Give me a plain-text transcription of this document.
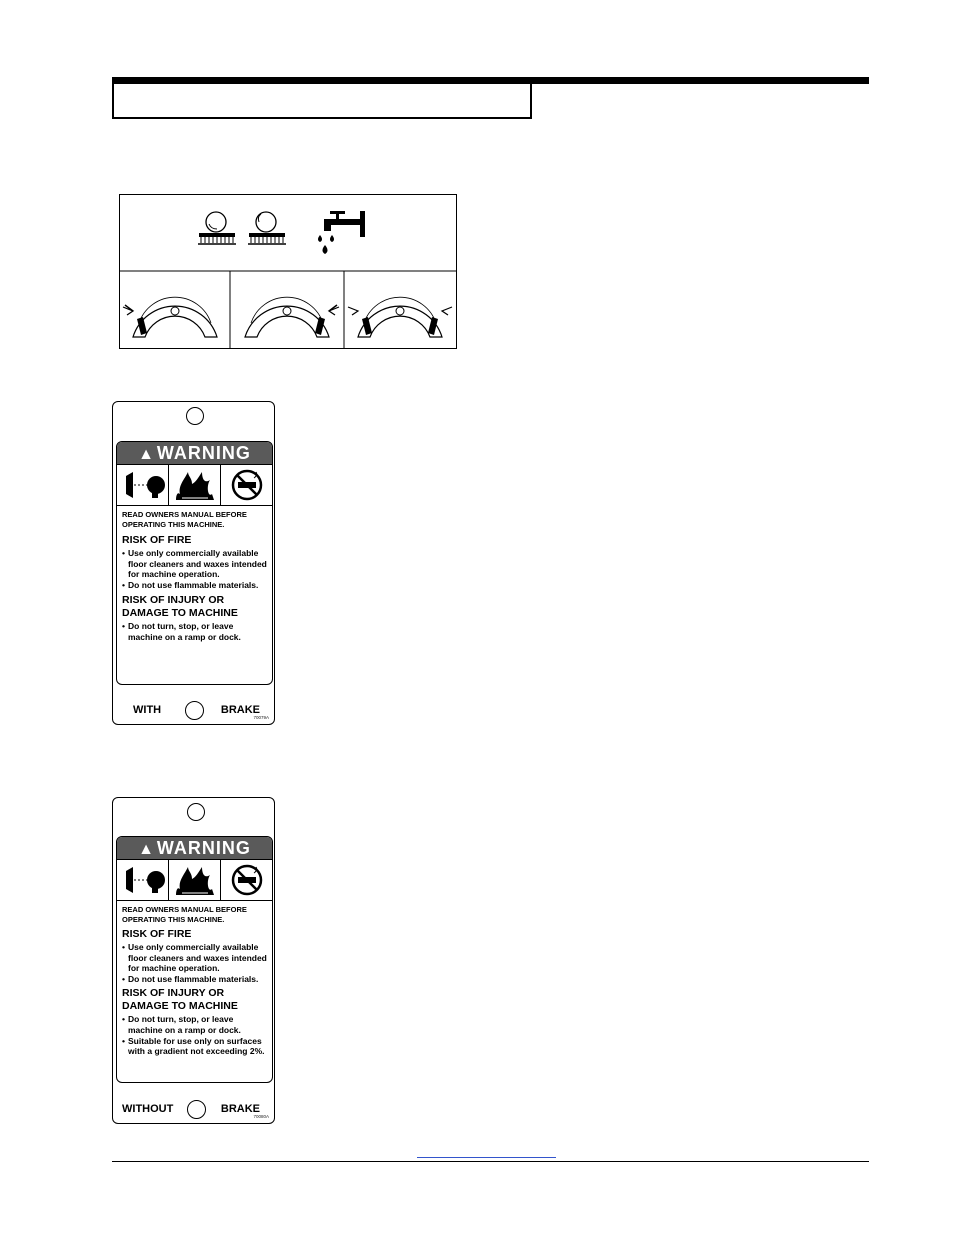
▲ WARNING
READ OWNERS MANUAL BEFORE OPERATING THIS MACHINE.
RISK OF FIRE
• Use only commercially available floor cleaners and waxes intended for machine operation.
• Do not use flammable materials.
RISK OF INJURY OR DAMAGE TO MACHINE
• Do not turn, stop, or leave machine on a ramp or dock.
WITH	BRAKE
70079A
▲ WARNING
READ OWNERS MANUAL BEFORE OPERATING THIS MACHINE.
RISK OF FIRE
• Use only commercially available floor cleaners and waxes intended for machine operation.
• Do not use flammable materials.
RISK OF INJURY OR DAMAGE TO MACHINE
• Do not turn, stop, or leave machine on a ramp or dock.
• Suitable for use only on surfaces with a gradient not exceeding 2%.
WITHOUT	BRAKE
70080A
